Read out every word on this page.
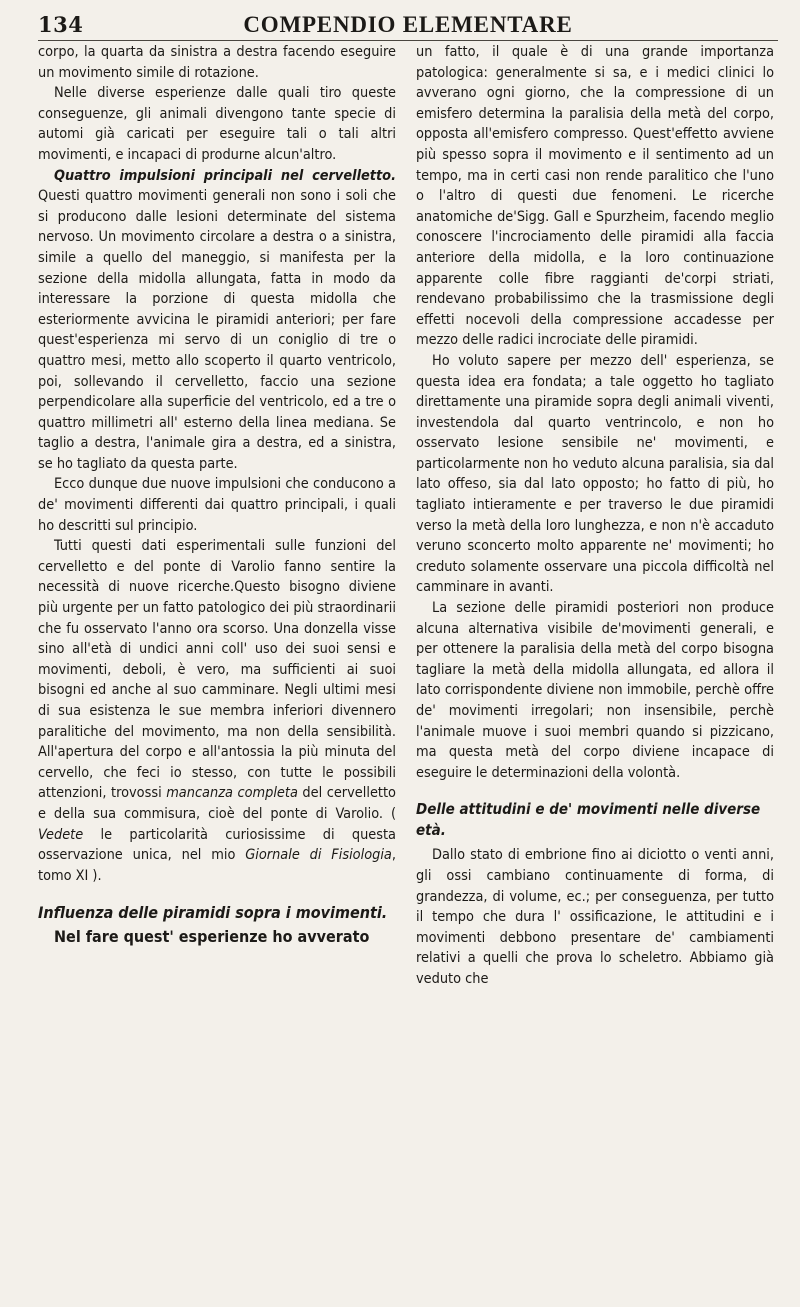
134	COMPENDIO ELEMENTARE

corpo, la quarta da sinistra a destra facendo eseguire un movimento simile di rotazione.

Nelle diverse esperienze dalle quali tiro queste conseguenze, gli animali divengono tante specie di automi già caricati per eseguire tali o tali altri movimenti, e incapaci di produrne alcun'altro.

Quattro impulsioni principali nel cervelletto. Questi quattro movimenti generali non sono i soli che si producono dalle lesioni determinate del sistema nervoso. Un movimento circolare a destra o a sinistra, simile a quello del maneggio, si manifesta per la sezione della midolla allungata, fatta in modo da interessare la porzione di questa midolla che esteriormente avvicina le piramidi anteriori; per fare quest'esperienza mi servo di un coniglio di tre o quattro mesi, metto allo scoperto il quarto ventricolo, poi, sollevando il cervelletto, faccio una sezione perpendicolare alla superficie del ventricolo, ed a tre o quattro millimetri all' esterno della linea mediana. Se taglio a destra, l'animale gira a destra, ed a sinistra, se ho tagliato da questa parte.

Ecco dunque due nuove impulsioni che conducono a de' movimenti differenti dai quattro principali, i quali ho descritti sul principio.

Tutti questi dati esperimentali sulle funzioni del cervelletto e del ponte di Varolio fanno sentire la necessità di nuove ricerche.Questo bisogno diviene più urgente per un fatto patologico dei più straordinarii che fu osservato l'anno ora scorso. Una donzella visse sino all'età di undici anni coll' uso dei suoi sensi e movimenti, deboli, è vero, ma sufficienti ai suoi bisogni ed anche al suo camminare. Negli ultimi mesi di sua esistenza le sue membra inferiori divennero paralitiche del movimento, ma non della sensibilità. All'apertura del corpo e all'antossia la più minuta del cervello, che feci io stesso, con tutte le possibili attenzioni, trovossi mancanza completa del cervelletto e della sua commisura, cioè del ponte di Varolio. ( Vedete le particolarità curiosissime di questa osservazione unica, nel mio Giornale di Fisiologia, tomo XI ).

Influenza delle piramidi sopra i movimenti.

Nel fare quest' esperienze ho avverato

un fatto, il quale è di una grande importanza patologica: generalmente si sa, e i medici clinici lo avverano ogni giorno, che la compressione di un emisfero determina la paralisia della metà del corpo, opposta all'emisfero compresso. Quest'effetto avviene più spesso sopra il movimento e il sentimento ad un tempo, ma in certi casi non rende paralitico che l'uno o l'altro di questi due fenomeni. Le ricerche anatomiche de'Sigg. Gall e Spurzheim, facendo meglio conoscere l'incrociamento delle piramidi alla faccia anteriore della midolla, e la loro continuazione apparente colle fibre raggianti de'corpi striati, rendevano probabilissimo che la trasmissione degli effetti nocevoli della compressione accadesse per mezzo delle radici incrociate delle piramidi.

Ho voluto sapere per mezzo dell' esperienza, se questa idea era fondata; a tale oggetto ho tagliato direttamente una piramide sopra degli animali viventi, investendola dal quarto ventrincolo, e non ho osservato lesione sensibile ne' movimenti, e particolarmente non ho veduto alcuna paralisia, sia dal lato offeso, sia dal lato opposto; ho fatto di più, ho tagliato intieramente e per traverso le due piramidi verso la metà della loro lunghezza, e non n'è accaduto veruno sconcerto molto apparente ne' movimenti; ho creduto solamente osservare una piccola difficoltà nel camminare in avanti.

La sezione delle piramidi posteriori non produce alcuna alternativa visibile de'movimenti generali, e per ottenere la paralisia della metà del corpo bisogna tagliare la metà della midolla allungata, ed allora il lato corrispondente diviene non immobile, perchè offre de' movimenti irregolari; non insensibile, perchè l'animale muove i suoi membri quando si pizzicano, ma questa metà del corpo diviene incapace di eseguire le determinazioni della volontà.

Delle attitudini e de' movimenti nelle diverse età.

Dallo stato di embrione fino ai diciotto o venti anni, gli ossi cambiano continuamente di forma, di grandezza, di volume, ec.; per conseguenza, per tutto il tempo che dura l' ossificazione, le attitudini e i movimenti debbono presentare de' cambiamenti relativi a quelli che prova lo scheletro. Abbiamo già veduto che
